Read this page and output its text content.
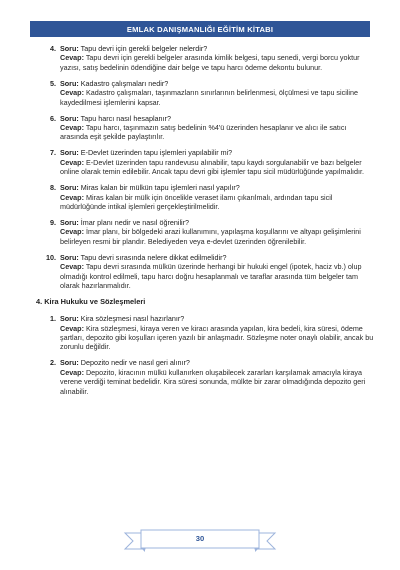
EMLAK DANIŞMANLIĞI EĞİTİM KİTABI
4. Soru: Tapu devri için gerekli belgeler nelerdir?
Cevap: Tapu devri için gerekli belgeler arasında kimlik belgesi, tapu senedi, vergi borcu yoktur yazısı, satış bedelinin ödendiğine dair belge ve tapu harcı ödeme dekontu bulunur.
5. Soru: Kadastro çalışmaları nedir?
Cevap: Kadastro çalışmaları, taşınmazların sınırlarının belirlenmesi, ölçülmesi ve tapu siciline kaydedilmesi işlemlerini kapsar.
6. Soru: Tapu harcı nasıl hesaplanır?
Cevap: Tapu harcı, taşınmazın satış bedelinin %4'ü üzerinden hesaplanır ve alıcı ile satıcı arasında eşit şekilde paylaştırılır.
7. Soru: E-Devlet üzerinden tapu işlemleri yapılabilir mi?
Cevap: E-Devlet üzerinden tapu randevusu alınabilir, tapu kaydı sorgulanabilir ve bazı belgeler online olarak temin edilebilir. Ancak tapu devri gibi işlemler tapu sicil müdürlüğünde yapılmalıdır.
8. Soru: Miras kalan bir mülkün tapu işlemleri nasıl yapılır?
Cevap: Miras kalan bir mülk için öncelikle veraset ilamı çıkarılmalı, ardından tapu sicil müdürlüğünde intikal işlemleri gerçekleştirilmelidir.
9. Soru: İmar planı nedir ve nasıl öğrenilir?
Cevap: İmar planı, bir bölgedeki arazi kullanımını, yapılaşma koşullarını ve altyapı gelişimlerini belirleyen resmi bir plandır. Belediyeden veya e-devlet üzerinden öğrenilebilir.
10. Soru: Tapu devri sırasında nelere dikkat edilmelidir?
Cevap: Tapu devri sırasında mülkün üzerinde herhangi bir hukuki engel (ipotek, haciz vb.) olup olmadığı kontrol edilmeli, tapu harcı doğru hesaplanmalı ve taraflar arasında tüm belgeler tam olarak hazırlanmalıdır.
4. Kira Hukuku ve Sözleşmeleri
1. Soru: Kira sözleşmesi nasıl hazırlanır?
Cevap: Kira sözleşmesi, kiraya veren ve kiracı arasında yapılan, kira bedeli, kira süresi, ödeme şartları, depozito gibi koşulları içeren yazılı bir anlaşmadır. Sözleşme noter onaylı olabilir, ancak bu zorunlu değildir.
2. Soru: Depozito nedir ve nasıl geri alınır?
Cevap: Depozito, kiracının mülkü kullanırken oluşabilecek zararları karşılamak amacıyla kiraya verene verdiği teminat bedelidir. Kira süresi sonunda, mülkte bir zarar olmadığında depozito geri alınabilir.
30
